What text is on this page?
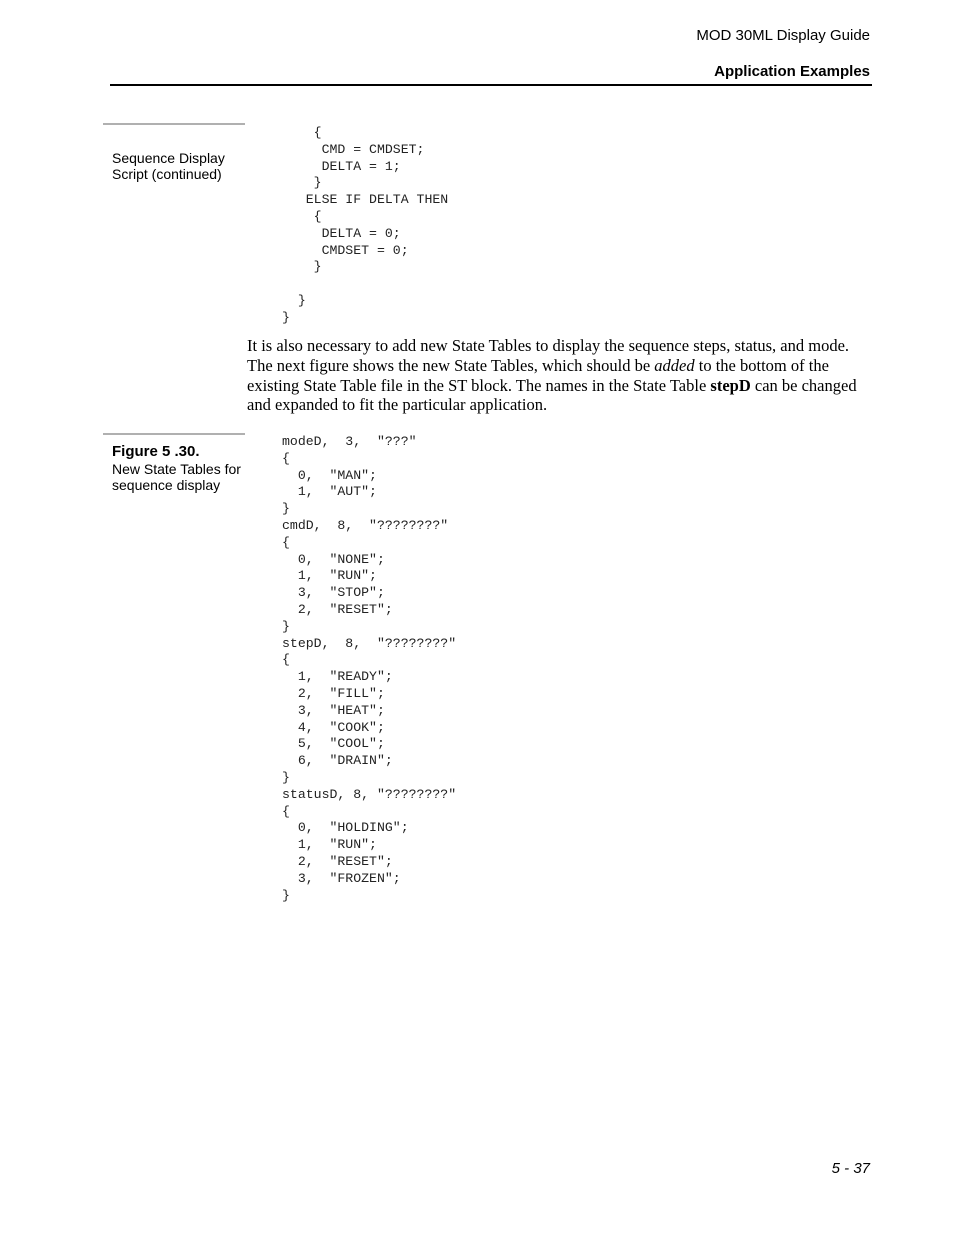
MOD 30ML Display Guide
Application Examples
Sequence Display Script (continued)
{
CMD = CMDSET;
DELTA = 1;
}
ELSE IF DELTA THEN
{
DELTA = 0;
CMDSET = 0;
}

}
}
It is also necessary to add new State Tables to display the sequence steps, status, and mode. The next figure shows the new State Tables, which should be added to the bottom of the existing State Table file in the ST block. The names in the State Table stepD can be changed and expanded to fit the particular application.
Figure 5 .30.
New State Tables for sequence display
modeD,  3,  "???"
{
0,  "MAN";
1,  "AUT";
}
cmdD,  8,  "????????"
{
0,  "NONE";
1,  "RUN";
3,  "STOP";
2,  "RESET";
}
stepD,  8,  "????????"
{
1,  "READY";
2,  "FILL";
3,  "HEAT";
4,  "COOK";
5,  "COOL";
6,  "DRAIN";
}
statusD, 8, "????????"
{
0,  "HOLDING";
1,  "RUN";
2,  "RESET";
3,  "FROZEN";
}
5 - 37
